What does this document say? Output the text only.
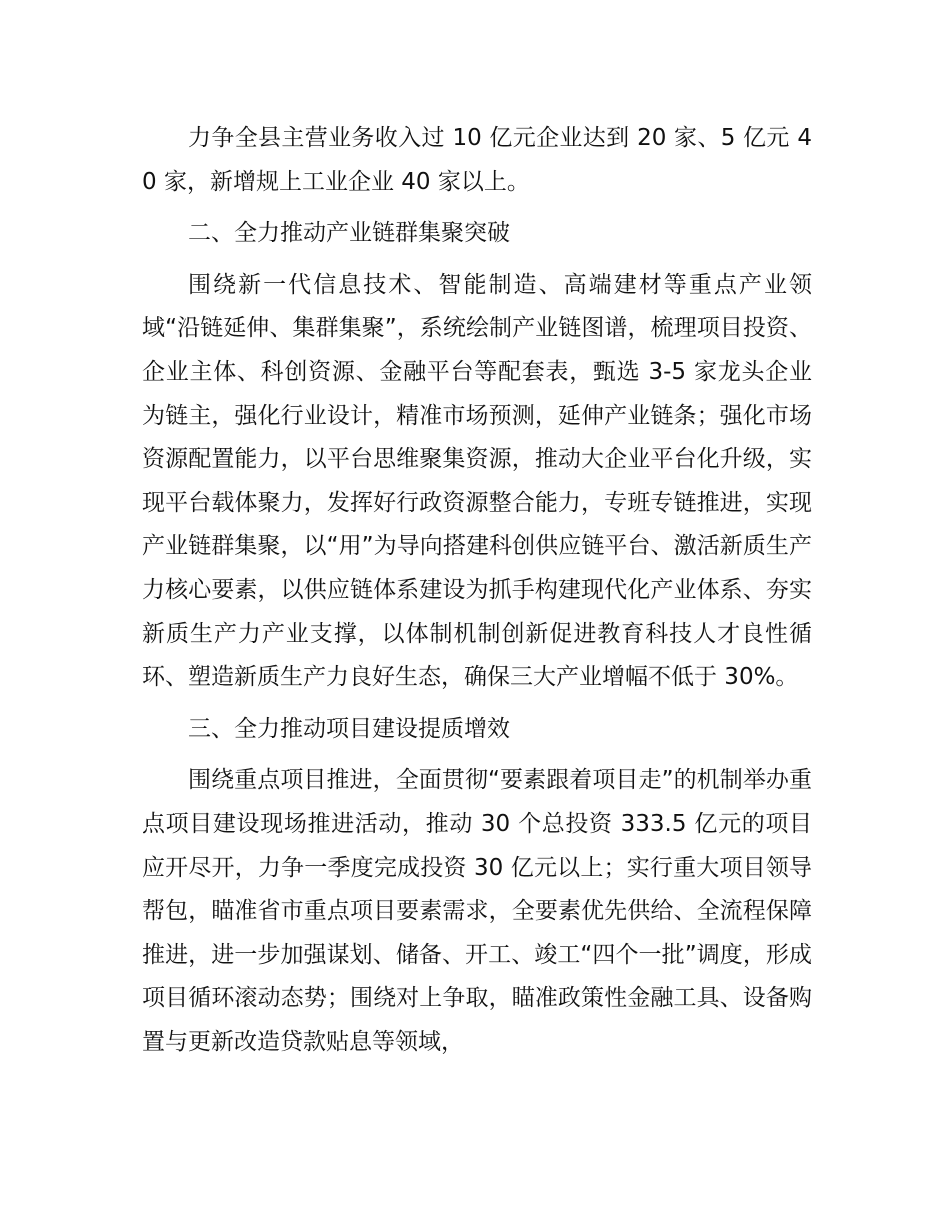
力争全县主营业务收入过 10 亿元企业达到 20 家、5 亿元 40 家，新增规上工业企业 40 家以上。

二、全力推动产业链群集聚突破

围绕新一代信息技术、智能制造、高端建材等重点产业领域“沿链延伸、集群集聚”，系统绘制产业链图谱，梳理项目投资、企业主体、科创资源、金融平台等配套表，甄选 3-5 家龙头企业为链主，强化行业设计，精准市场预测，延伸产业链条；强化市场资源配置能力，以平台思维聚集资源，推动大企业平台化升级，实现平台载体聚力，发挥好行政资源整合能力，专班专链推进，实现产业链群集聚，以“用”为导向搭建科创供应链平台、激活新质生产力核心要素，以供应链体系建设为抓手构建现代化产业体系、夯实新质生产力产业支撑，以体制机制创新促进教育科技人才良性循环、塑造新质生产力良好生态，确保三大产业增幅不低于 30%。

三、全力推动项目建设提质增效

围绕重点项目推进，全面贯彻“要素跟着项目走”的机制举办重点项目建设现场推进活动，推动 30 个总投资 333.5 亿元的项目应开尽开，力争一季度完成投资 30 亿元以上；实行重大项目领导帮包，瞄准省市重点项目要素需求，全要素优先供给、全流程保障推进，进一步加强谋划、储备、开工、竣工“四个一批”调度，形成项目循环滚动态势；围绕对上争取，瞄准政策性金融工具、设备购置与更新改造贷款贴息等领域，
